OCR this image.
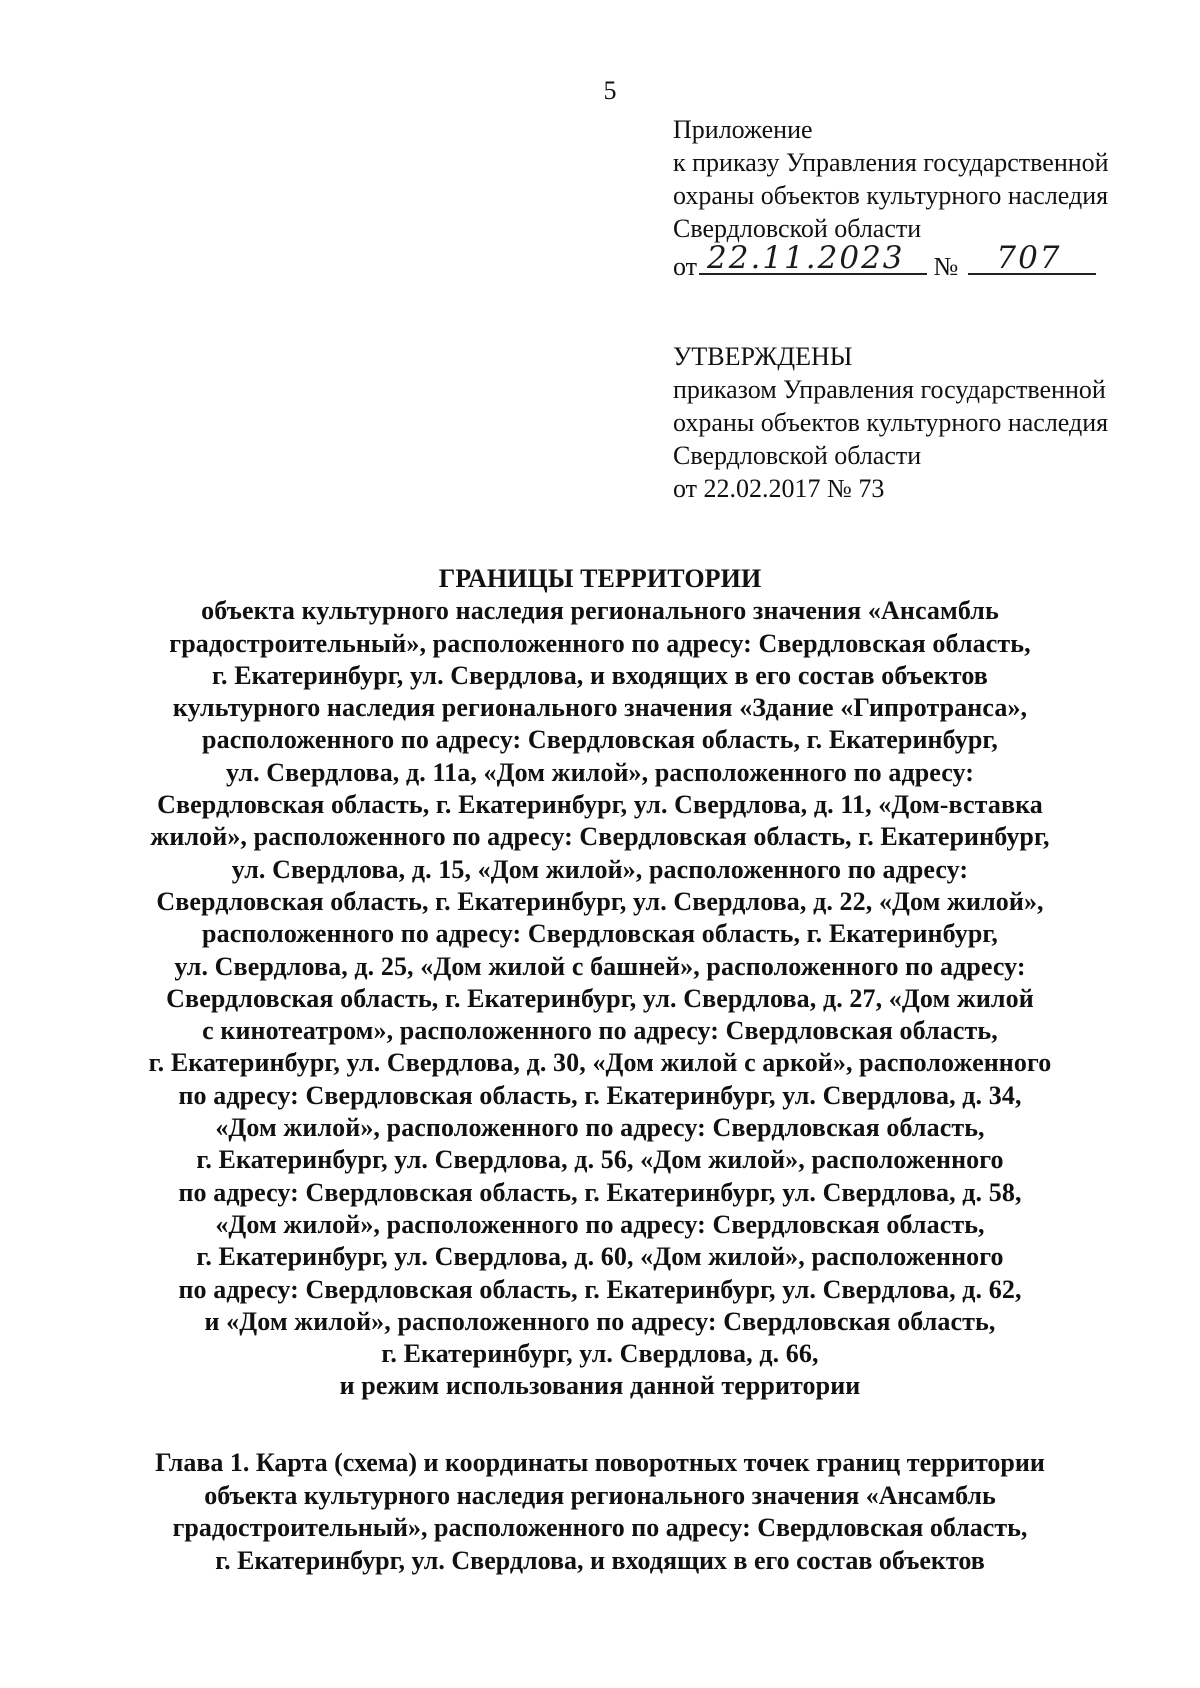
5
Приложение
к приказу Управления государственной
охраны объектов культурного наследия
Свердловской области
от 22.11.2023 № 707
УТВЕРЖДЕНЫ
приказом Управления государственной
охраны объектов культурного наследия
Свердловской области
от 22.02.2017 № 73
ГРАНИЦЫ ТЕРРИТОРИИ
объекта культурного наследия регионального значения «Ансамбль
градостроительный», расположенного по адресу: Свердловская область,
г. Екатеринбург, ул. Свердлова, и входящих в его состав объектов
культурного наследия регионального значения «Здание «Гипротранса»,
расположенного по адресу: Свердловская область, г. Екатеринбург,
ул. Свердлова, д. 11а, «Дом жилой», расположенного по адресу:
Свердловская область, г. Екатеринбург, ул. Свердлова, д. 11, «Дом-вставка
жилой», расположенного по адресу: Свердловская область, г. Екатеринбург,
ул. Свердлова, д. 15, «Дом жилой», расположенного по адресу:
Свердловская область, г. Екатеринбург, ул. Свердлова, д. 22, «Дом жилой»,
расположенного по адресу: Свердловская область, г. Екатеринбург,
ул. Свердлова, д. 25, «Дом жилой с башней», расположенного по адресу:
Свердловская область, г. Екатеринбург, ул. Свердлова, д. 27, «Дом жилой
с кинотеатром», расположенного по адресу: Свердловская область,
г. Екатеринбург, ул. Свердлова, д. 30, «Дом жилой с аркой», расположенного
по адресу: Свердловская область, г. Екатеринбург, ул. Свердлова, д. 34,
«Дом жилой», расположенного по адресу: Свердловская область,
г. Екатеринбург, ул. Свердлова, д. 56, «Дом жилой», расположенного
по адресу: Свердловская область, г. Екатеринбург, ул. Свердлова, д. 58,
«Дом жилой», расположенного по адресу: Свердловская область,
г. Екатеринбург, ул. Свердлова, д. 60, «Дом жилой», расположенного
по адресу: Свердловская область, г. Екатеринбург, ул. Свердлова, д. 62,
и «Дом жилой», расположенного по адресу: Свердловская область,
г. Екатеринбург, ул. Свердлова, д. 66,
и режим использования данной территории
Глава 1. Карта (схема) и координаты поворотных точек границ территории
объекта культурного наследия регионального значения «Ансамбль
градостроительный», расположенного по адресу: Свердловская область,
г. Екатеринбург, ул. Свердлова, и входящих в его состав объектов
